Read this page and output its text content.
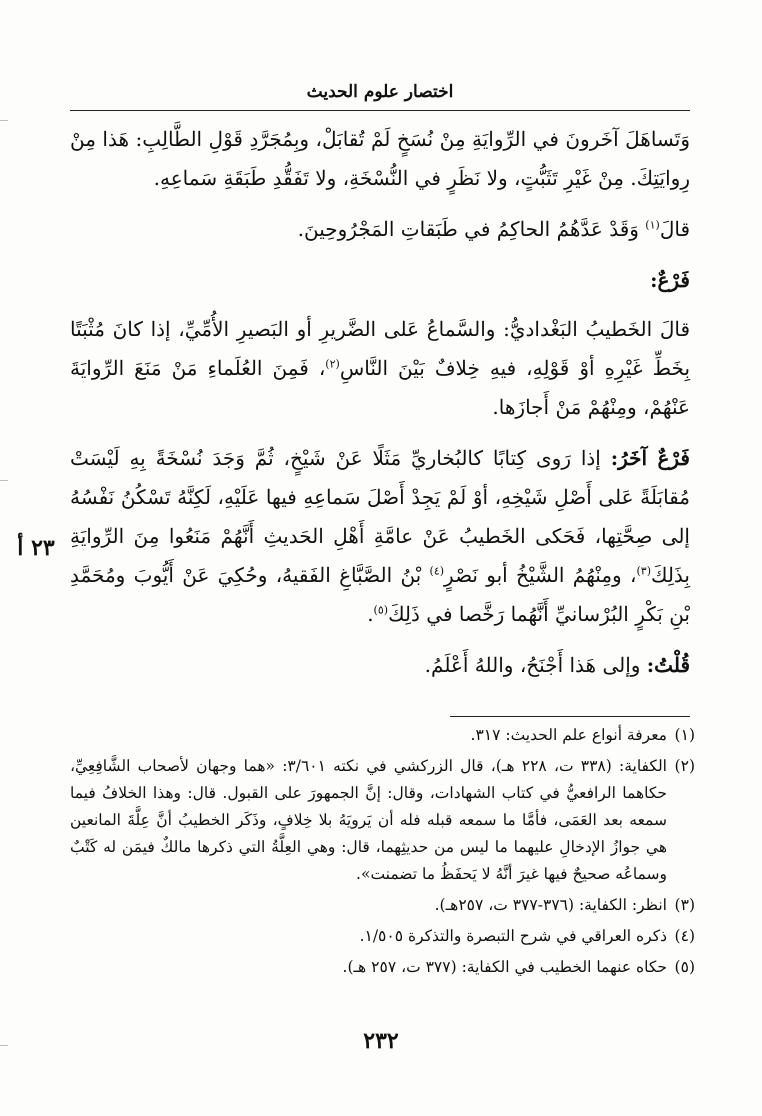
اختصار علوم الحديث
٢٣ أ

وَتَساهَلَ آخَرونَ في الرِّوايَةِ مِنْ نُسَخٍ لَمْ تُقابَلْ، وبِمُجَرَّدِ قَوْلِ الطَّالِبِ: هَذا مِنْ رِوايَتِكَ. مِنْ غَيْرِ تَثَبُّتٍ، ولا نَظَرٍ في النُّسْخَةِ، ولا تَفَقُّدِ طَبَقَةِ سَماعِهِ.

قالَ$^{(١)}$ وَقَدْ عَدَّهُمُ الحاكِمُ في طَبَقاتِ المَجْرُوحِينَ.

فَرْعٌ:

قالَ الخَطيبُ البَغْداديُّ: والسَّماعُ عَلى الضَّريرِ أو البَصيرِ الأُمِّيِّ، إذا كانَ مُثْبَتًا بِخَطِّ غَيْرِهِ أوْ قَوْلِهِ، فيهِ خِلافٌ بَيْنَ النَّاسِ$^{(٢)}$، فَمِنَ العُلَماءِ مَنْ مَنَعَ الرِّوايَةَ عَنْهُمْ، ومِنْهُمْ مَنْ أَجازَها.

فَرْعٌ آخَرُ: إذا رَوى كِتابًا كالبُخاريِّ مَثَلًا عَنْ شَيْخٍ، ثُمَّ وَجَدَ نُسْخَةً بِهِ لَيْسَتْ مُقابَلَةً عَلى أَصْلِ شَيْخِهِ، أوْ لَمْ يَجِدْ أَصْلَ سَماعِهِ فيها عَلَيْهِ، لَكِنَّهُ تَسْكُنُ نَفْسُهُ إلى صِحَّتِها، فَحَكى الخَطيبُ عَنْ عامَّةِ أَهْلِ الحَديثِ أَنَّهُمْ مَنَعُوا مِنَ الرِّوايَةِ بِذَلِكَ$^{(٣)}$، ومِنْهُمُ الشَّيْخُ أبو نَصْرٍ$^{(٤)}$ بْنُ الصَّبَّاغِ الفَقيهُ، وحُكِيَ عَنْ أَيُّوبَ ومُحَمَّدِ بْنِ بَكْرٍ البُرْسانيِّ أَنَّهُما رَخَّصا في ذَلِكَ$^{(٥)}$.

قُلْتُ: وإلى هَذا أَجْنَحُ، واللهُ أَعْلَمُ.

(١)
معرفة أنواع علم الحديث: ٣١٧.
(٢)
الكفاية: (٣٣٨ ت، ٢٢٨ هـ)، قال الزركشي في نكته ٣/٦٠١: «هما وجهان لأصحاب الشَّافِعِيِّ، حكاهما الرافعيُّ في كتاب الشهادات، وقال: إنَّ الجمهورَ على القبول. قال: وهذا الخلافُ فيما سمعه بعد العَمَى، فأمَّا ما سمعه قبله فله أن يَرويَهُ بلا خِلافٍ، وذَكَر الخطيبُ أنَّ عِلَّةَ المانعين هي جوازُ الإدخالِ عليهما ما ليس من حديثِهما، قال: وهي العِلَّةُ التي ذكرها مالكٌ فيمَن له كَتْبٌ وسماعُه صحيحٌ فيها غيرَ أنَّهُ لا يَحفَظُ ما تضمنت».
(٣)
انظر: الكفاية: (٣٧٦-٣٧٧ ت، ٢٥٧هـ).
(٤)
ذكره العراقي في شرح التبصرة والتذكرة ١/٥٠٥.
(٥)
حكاه عنهما الخطيب في الكفاية: (٣٧٧ ت، ٢٥٧ هـ).
٢٣٢
